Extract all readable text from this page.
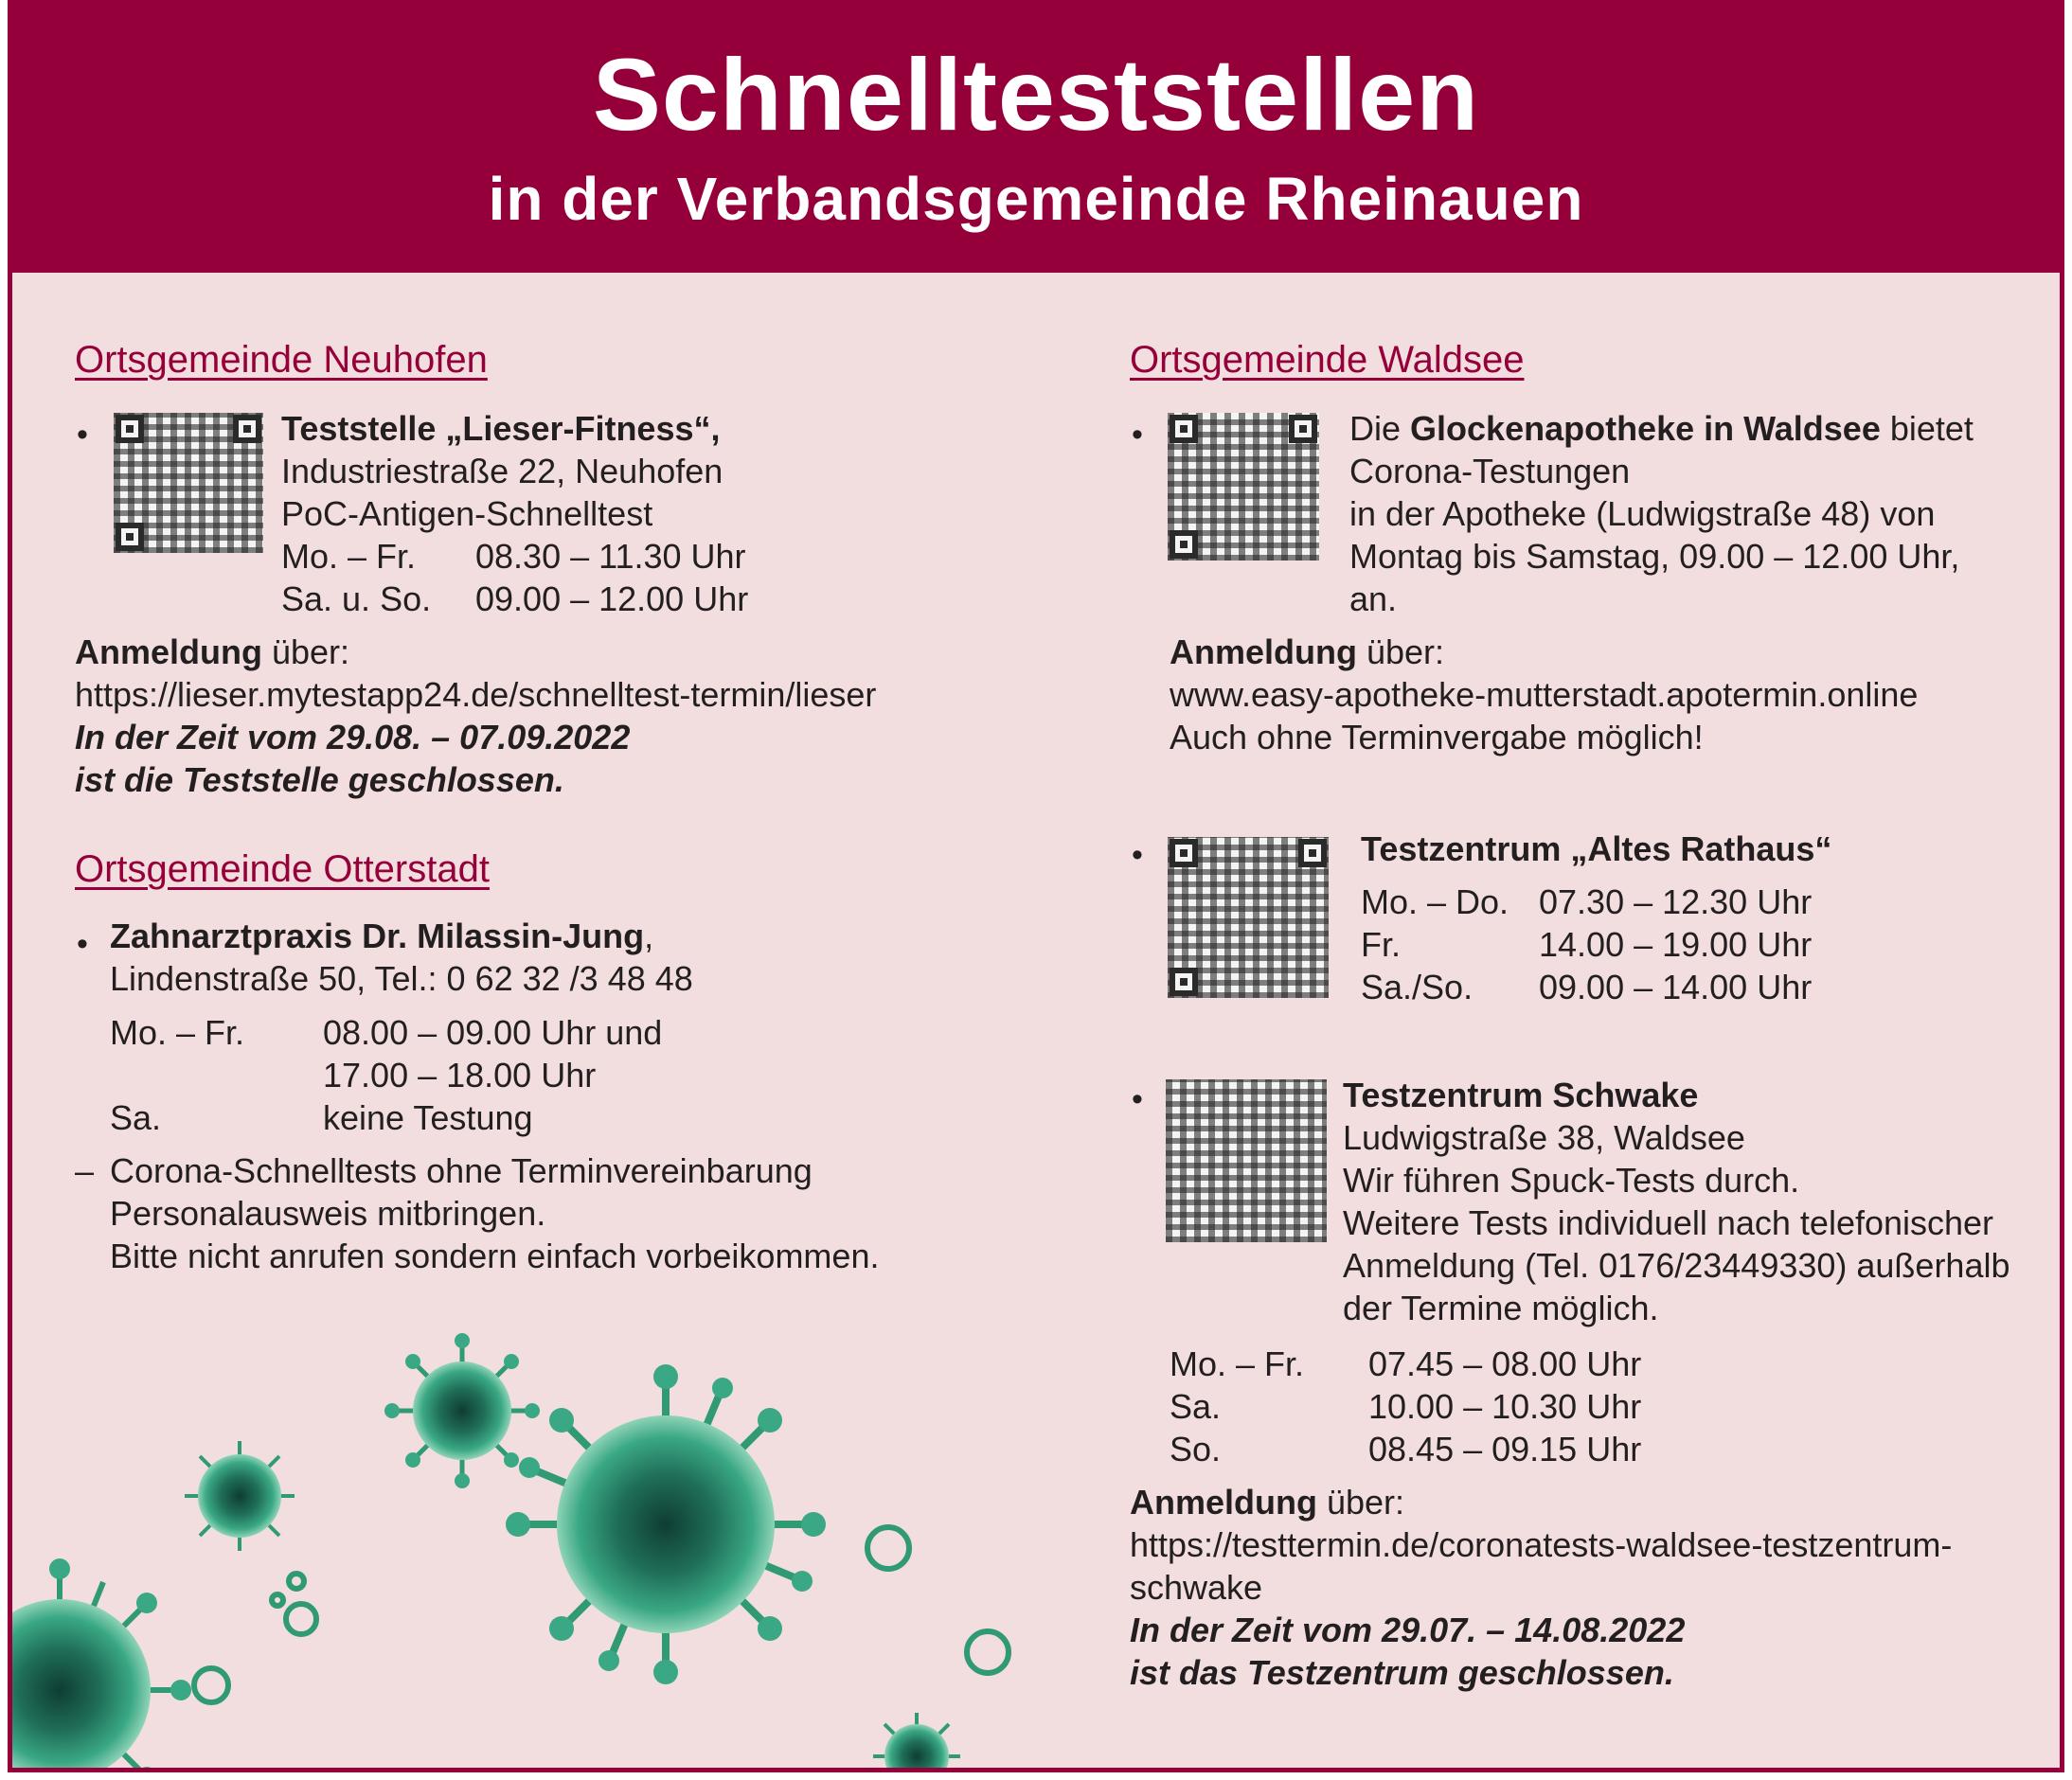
Schnellteststellen
in der Verbandsgemeinde Rheinauen
Ortsgemeinde Neuhofen
•	Teststelle „Lieser-Fitness“,
Industriestraße 22, Neuhofen
PoC-Antigen-Schnelltest
Mo. – Fr. 08.30 – 11.30 Uhr
Sa. u. So. 09.00 – 12.00 Uhr
Anmeldung über:
https://lieser.mytestapp24.de/schnelltest-termin/lieser
In der Zeit vom 29.08. – 07.09.2022
ist die Teststelle geschlossen.
Ortsgemeinde Otterstadt
• Zahnarztpraxis Dr. Milassin-Jung,
Lindenstraße 50, Tel.: 0 62 32 /3 48 48
Mo. – Fr. 08.00 – 09.00 Uhr und
17.00 – 18.00 Uhr
Sa.	keine Testung
– Corona-Schnelltests ohne Terminvereinbarung
Personalausweis mitbringen.
Bitte nicht anrufen sondern einfach vorbeikommen.
Ortsgemeinde Waldsee
•	Die Glockenapotheke in Waldsee bietet
Corona-Testungen
in der Apotheke (Ludwigstraße 48) von
Montag bis Samstag, 09.00 – 12.00 Uhr,
an.
Anmeldung über:
www.easy-apotheke-mutterstadt.apotermin.online
Auch ohne Terminvergabe möglich!
•	Testzentrum „Altes Rathaus“
Mo. – Do. 07.30 – 12.30 Uhr
Fr.	14.00 – 19.00 Uhr
Sa./So. 09.00 – 14.00 Uhr
•	Testzentrum Schwake
Ludwigstraße 38, Waldsee
Wir führen Spuck-Tests durch.
Weitere Tests individuell nach telefonischer
Anmeldung (Tel. 0176/23449330) außerhalb
der Termine möglich.
Mo. – Fr. 07.45 – 08.00 Uhr
Sa.	10.00 – 10.30 Uhr
So.	08.45 – 09.15 Uhr
Anmeldung über:
https://testtermin.de/coronatests-waldsee-testzentrum-
schwake
In der Zeit vom 29.07. – 14.08.2022
ist das Testzentrum geschlossen.
